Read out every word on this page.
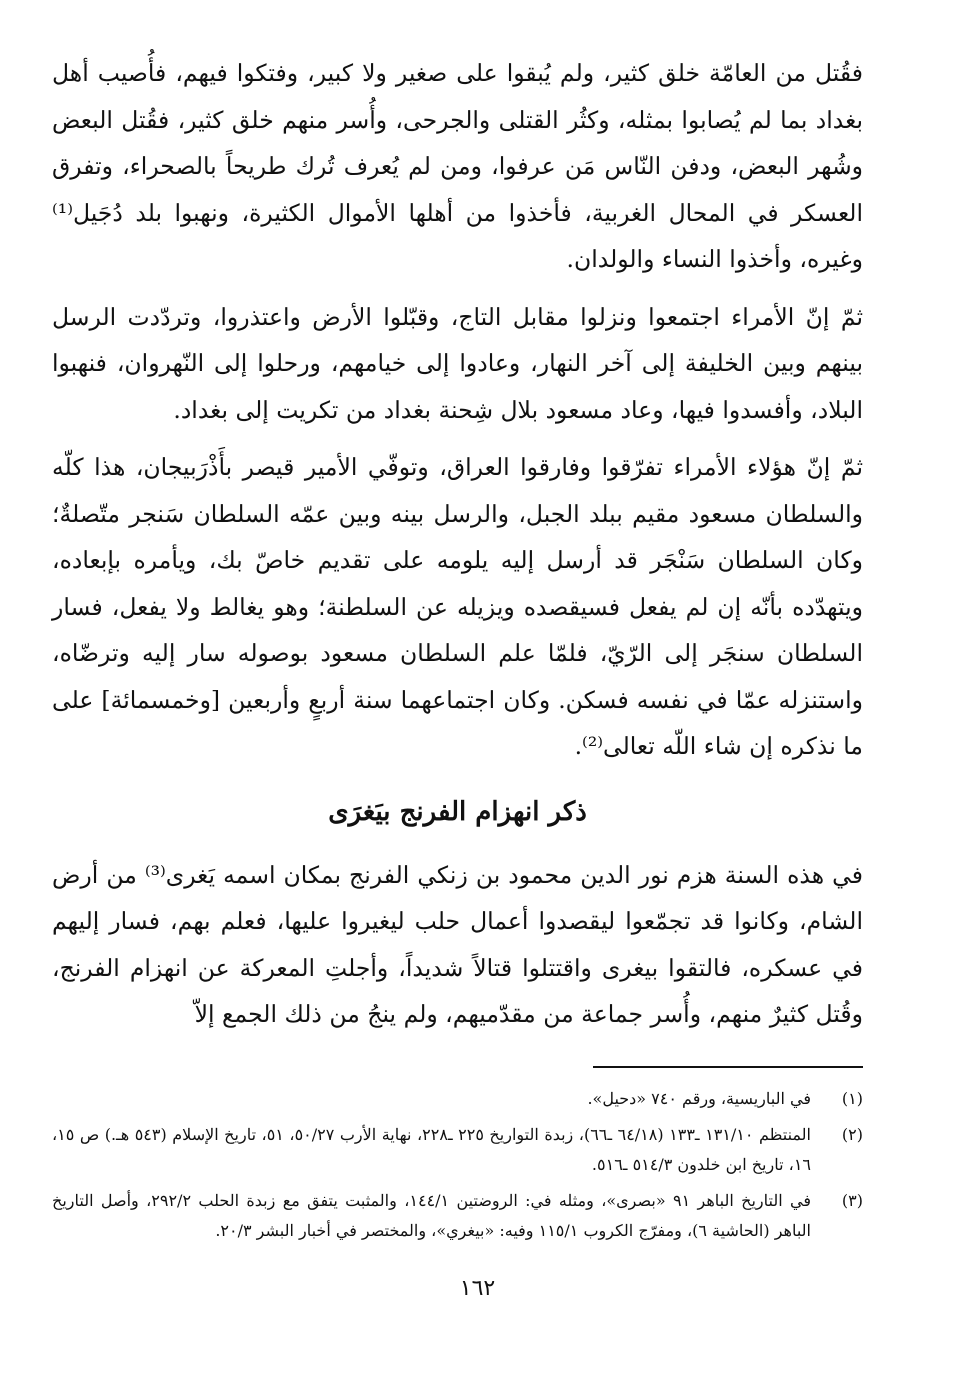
فقُتل من العامّة خلق كثير، ولم يُبقوا على صغير ولا كبير، وفتكوا فيهم، فأُصيب أهل بغداد بما لم يُصابوا بمثله، وكثُر القتلى والجرحى، وأُسر منهم خلق كثير، فقُتل البعض وشُهر البعض، ودفن النّاس مَن عرفوا، ومن لم يُعرف تُرك طريحاً بالصحراء، وتفرق العسكر في المحال الغربية، فأخذوا من أهلها الأموال الكثيرة، ونهبوا بلد دُجَيل⁽¹⁾ وغيره، وأخذوا النساء والولدان.

ثمّ إنّ الأمراء اجتمعوا ونزلوا مقابل التاج، وقبّلوا الأرض واعتذروا، وتردّدت الرسل بينهم وبين الخليفة إلى آخر النهار، وعادوا إلى خيامهم، ورحلوا إلى النّهروان، فنهبوا البلاد، وأفسدوا فيها، وعاد مسعود بلال شِحنة بغداد من تكريت إلى بغداد.

ثمّ إنّ هؤلاء الأمراء تفرّقوا وفارقوا العراق، وتوفّي الأمير قيصر بأَذْرَبيجان، هذا كلّه والسلطان مسعود مقيم ببلد الجبل، والرسل بينه وبين عمّه السلطان سَنجر متّصلةٌ؛ وكان السلطان سَنْجَر قد أرسل إليه يلومه على تقديم خاصّ بك، ويأمره بإبعاده، ويتهدّده بأنّه إن لم يفعل فسيقصده ويزيله عن السلطنة؛ وهو يغالط ولا يفعل، فسار السلطان سنجَر إلى الرّيّ، فلمّا علم السلطان مسعود بوصوله سار إليه وترضّاه، واستنزله عمّا في نفسه فسكن. وكان اجتماعهما سنة أربعٍ وأربعين [وخمسمائة] على ما نذكره إن شاء اللّه تعالى⁽²⁾.

ذكر انهزام الفرنج بيَغرَى

في هذه السنة هزم نور الدين محمود بن زنكي الفرنج بمكان اسمه يَغرى⁽³⁾ من أرض الشام، وكانوا قد تجمّعوا ليقصدوا أعمال حلب ليغيروا عليها، فعلم بهم، فسار إليهم في عسكره، فالتقوا بيغرى واقتتلوا قتالاً شديداً، وأجلتِ المعركة عن انهزام الفرنج، وقُتل كثيرٌ منهم، وأُسر جماعة من مقدّميهم، ولم ينجُ من ذلك الجمع إلاّ

(١)
في الباريسية، ورقم ٧٤٠ «دحيل».
(٢)
المنتظم ١٣١/١٠ ـ١٣٣ (٦٤/١٨ ـ٦٦)، زبدة التواريخ ٢٢٥ ـ٢٢٨، نهاية الأرب ٥٠/٢٧، ٥١، تاريخ الإسلام (٥٤٣ هـ.) ص ١٥، ١٦، تاريخ ابن خلدون ٥١٤/٣ ـ٥١٦.
(٣)
في التاريخ الباهر ٩١ «بصرى»، ومثله في: الروضتين ١٤٤/١، والمثبت يتفق مع زبدة الحلب ٢٩٢/٢، وأصل التاريخ الباهر (الحاشية ٦)، ومفرّج الكروب ١١٥/١ وفيه: «بيغري»، والمختصر في أخبار البشر ٢٠/٣.
١٦٢
